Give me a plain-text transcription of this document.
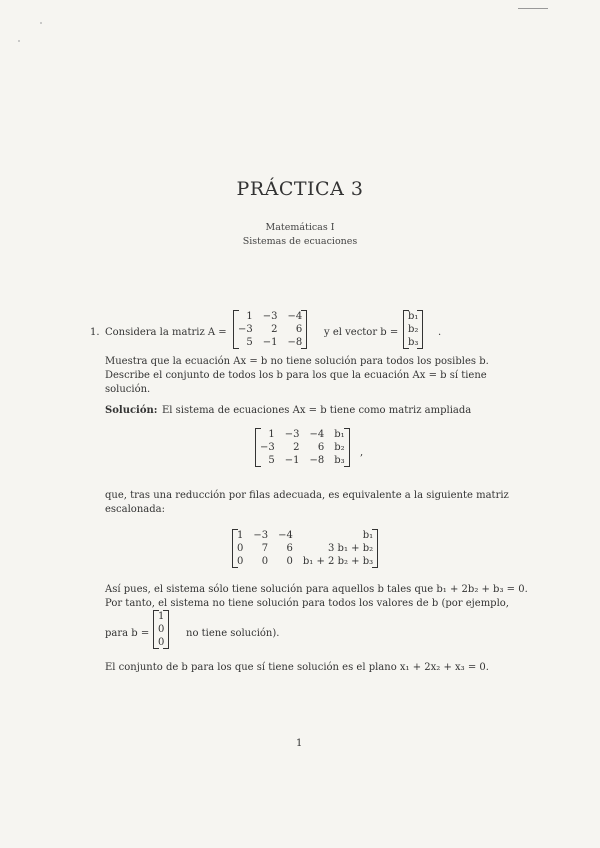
PRÁCTICA 3
Matemáticas I
Sistemas de ecuaciones
1. Considera la matriz A =
1	−3	−4
−3	2	6
5	−1	−8
y el vector b =
b₁
b₂
b₃
.
Muestra que la ecuación Ax = b no tiene solución para todos los posibles b.
Describe el conjunto de todos los b para los que la ecuación Ax = b sí tiene
solución.
Solución: El sistema de ecuaciones Ax = b tiene como matriz ampliada
1	−3	−4	b₁
−3	2	6	b₂
5	−1	−8	b₃
,
que, tras una reducción por filas adecuada, es equivalente a la siguiente matriz
escalonada:
1	−3	−4	b₁
0	7	6	3 b₁ + b₂
0	0	0	b₁ + 2 b₂ + b₃
Así pues, el sistema sólo tiene solución para aquellos b tales que b₁ + 2b₂ + b₃ = 0.
Por tanto, el sistema no tiene solución para todos los valores de b (por ejemplo,
para b =
1
0
0
no tiene solución).
El conjunto de b para los que sí tiene solución es el plano x₁ + 2x₂ + x₃ = 0.
1
